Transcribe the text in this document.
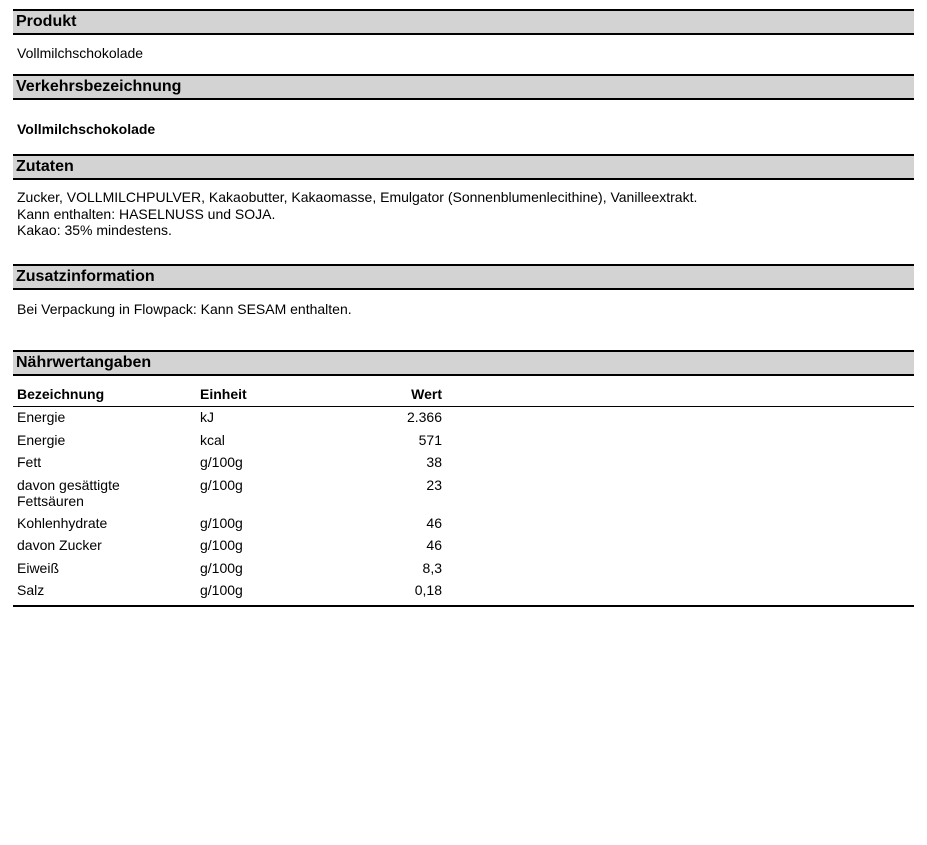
Produkt
Vollmilchschokolade
Verkehrsbezeichnung
Vollmilchschokolade
Zutaten
Zucker, VOLLMILCHPULVER, Kakaobutter, Kakaomasse, Emulgator (Sonnenblumenlecithine), Vanilleextrakt.
Kann enthalten: HASELNUSS und SOJA.
Kakao: 35% mindestens.
Zusatzinformation
Bei Verpackung in Flowpack: Kann SESAM enthalten.
Nährwertangaben
Bezeichnung	Einheit	Wert	
Energie	kJ	2.366	
Energie	kcal	571	
Fett	g/100g	38	

davon gesättigte
Fettsäuren	g/100g	23	
Kohlenhydrate	g/100g	46	
davon Zucker	g/100g	46	
Eiweiß	g/100g	8,3	
Salz	g/100g	0,18	
